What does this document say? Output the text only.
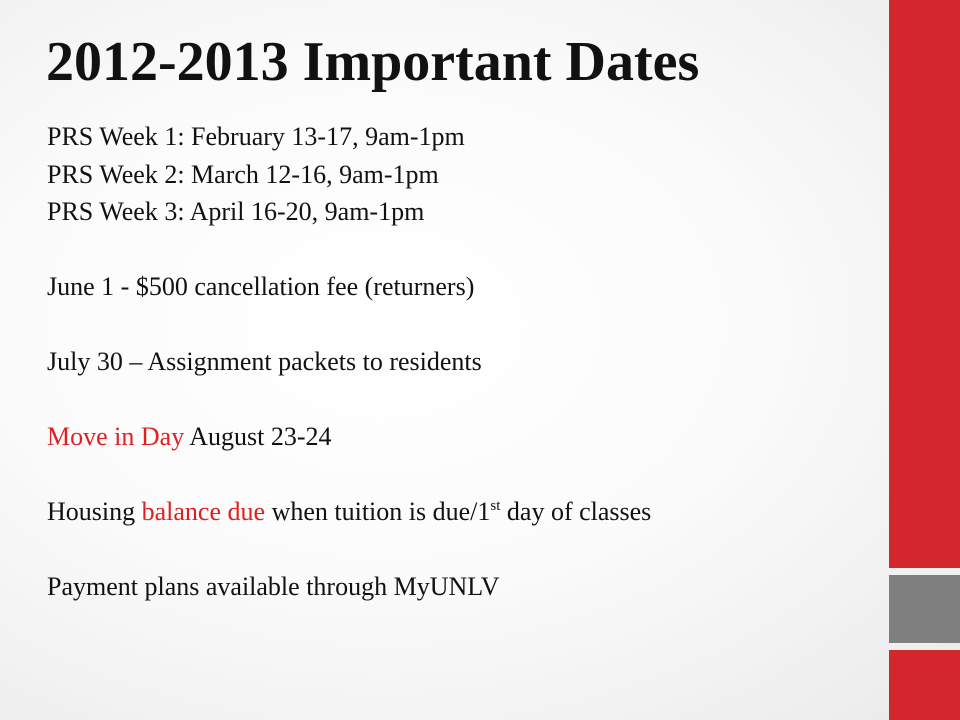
2012-2013 Important Dates
PRS Week 1: February 13-17, 9am-1pm
PRS Week 2: March 12-16, 9am-1pm
PRS Week 3: April 16-20, 9am-1pm
June 1 - $500 cancellation fee (returners)
July 30 – Assignment packets to residents
Move in Day August 23-24
Housing balance due when tuition is due/1st day of classes
Payment plans available through MyUNLV
